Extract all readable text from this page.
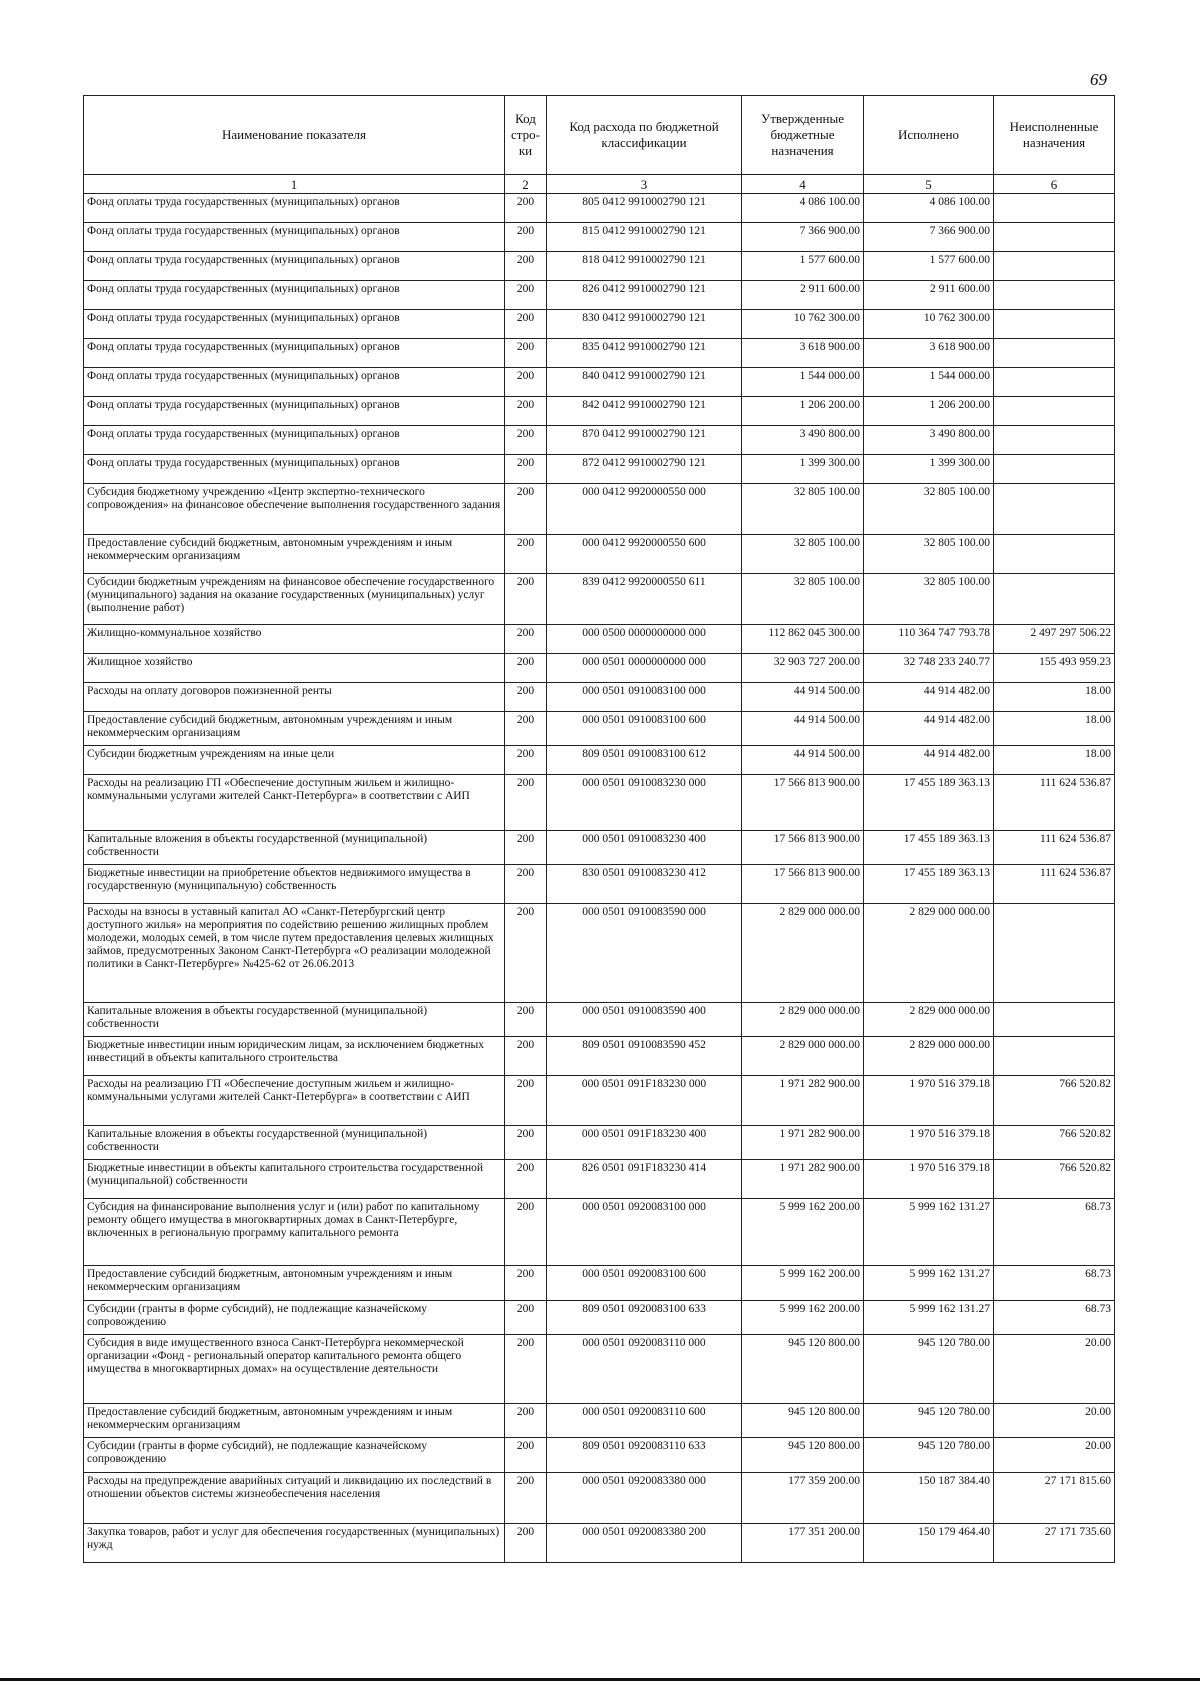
69
Наименование показателя	Код стро-ки	Код расхода по бюджетной классификации	Утвержденные бюджетные назначения	Исполнено	Неисполненные назначения
1	2	3	4	5	6
Фонд оплаты труда государственных (муниципальных) органов	200	805 0412 9910002790 121	4 086 100.00	4 086 100.00	
Фонд оплаты труда государственных (муниципальных) органов	200	815 0412 9910002790 121	7 366 900.00	7 366 900.00	
Фонд оплаты труда государственных (муниципальных) органов	200	818 0412 9910002790 121	1 577 600.00	1 577 600.00	
Фонд оплаты труда государственных (муниципальных) органов	200	826 0412 9910002790 121	2 911 600.00	2 911 600.00	
Фонд оплаты труда государственных (муниципальных) органов	200	830 0412 9910002790 121	10 762 300.00	10 762 300.00	
Фонд оплаты труда государственных (муниципальных) органов	200	835 0412 9910002790 121	3 618 900.00	3 618 900.00	
Фонд оплаты труда государственных (муниципальных) органов	200	840 0412 9910002790 121	1 544 000.00	1 544 000.00	
Фонд оплаты труда государственных (муниципальных) органов	200	842 0412 9910002790 121	1 206 200.00	1 206 200.00	
Фонд оплаты труда государственных (муниципальных) органов	200	870 0412 9910002790 121	3 490 800.00	3 490 800.00	
Фонд оплаты труда государственных (муниципальных) органов	200	872 0412 9910002790 121	1 399 300.00	1 399 300.00	
Субсидия бюджетному учреждению «Центр экспертно-технического сопровождения» на финансовое обеспечение выполнения государственного задания	200	000 0412 9920000550 000	32 805 100.00	32 805 100.00	
Предоставление субсидий бюджетным, автономным учреждениям и иным некоммерческим организациям	200	000 0412 9920000550 600	32 805 100.00	32 805 100.00	
Субсидии бюджетным учреждениям на финансовое обеспечение государственного (муниципального) задания на оказание государственных (муниципальных) услуг (выполнение работ)	200	839 0412 9920000550 611	32 805 100.00	32 805 100.00	
Жилищно-коммунальное хозяйство	200	000 0500 0000000000 000	112 862 045 300.00	110 364 747 793.78	2 497 297 506.22
Жилищное хозяйство	200	000 0501 0000000000 000	32 903 727 200.00	32 748 233 240.77	155 493 959.23
Расходы на оплату договоров пожизненной ренты	200	000 0501 0910083100 000	44 914 500.00	44 914 482.00	18.00
Предоставление субсидий бюджетным, автономным учреждениям и иным некоммерческим организациям	200	000 0501 0910083100 600	44 914 500.00	44 914 482.00	18.00
Субсидии бюджетным учреждениям на иные цели	200	809 0501 0910083100 612	44 914 500.00	44 914 482.00	18.00
Расходы на реализацию ГП «Обеспечение доступным жильем и жилищно-коммунальными услугами жителей Санкт-Петербурга» в соответствии с АИП	200	000 0501 0910083230 000	17 566 813 900.00	17 455 189 363.13	111 624 536.87
Капитальные вложения в объекты государственной (муниципальной) собственности	200	000 0501 0910083230 400	17 566 813 900.00	17 455 189 363.13	111 624 536.87
Бюджетные инвестиции на приобретение объектов недвижимого имущества в государственную (муниципальную) собственность	200	830 0501 0910083230 412	17 566 813 900.00	17 455 189 363.13	111 624 536.87
Расходы на взносы в уставный капитал АО «Санкт-Петербургский центр доступного жилья» на мероприятия по содействию решению жилищных проблем молодежи, молодых семей, в том числе путем предоставления целевых жилищных займов, предусмотренных Законом Санкт-Петербурга «О реализации молодежной политики в Санкт-Петербурге» №425-62 от 26.06.2013	200	000 0501 0910083590 000	2 829 000 000.00	2 829 000 000.00	
Капитальные вложения в объекты государственной (муниципальной) собственности	200	000 0501 0910083590 400	2 829 000 000.00	2 829 000 000.00	
Бюджетные инвестиции иным юридическим лицам, за исключением бюджетных инвестиций в объекты капитального строительства	200	809 0501 0910083590 452	2 829 000 000.00	2 829 000 000.00	
Расходы на реализацию ГП «Обеспечение доступным жильем и жилищно-коммунальными услугами жителей Санкт-Петербурга» в соответствии с АИП	200	000 0501 091F183230 000	1 971 282 900.00	1 970 516 379.18	766 520.82
Капитальные вложения в объекты государственной (муниципальной) собственности	200	000 0501 091F183230 400	1 971 282 900.00	1 970 516 379.18	766 520.82
Бюджетные инвестиции в объекты капитального строительства государственной (муниципальной) собственности	200	826 0501 091F183230 414	1 971 282 900.00	1 970 516 379.18	766 520.82
Субсидия на финансирование выполнения услуг и (или) работ по капитальному ремонту общего имущества в многоквартирных домах в Санкт-Петербурге, включенных в региональную программу капитального ремонта	200	000 0501 0920083100 000	5 999 162 200.00	5 999 162 131.27	68.73
Предоставление субсидий бюджетным, автономным учреждениям и иным некоммерческим организациям	200	000 0501 0920083100 600	5 999 162 200.00	5 999 162 131.27	68.73
Субсидии (гранты в форме субсидий), не подлежащие казначейскому сопровождению	200	809 0501 0920083100 633	5 999 162 200.00	5 999 162 131.27	68.73
Субсидия в виде имущественного взноса Санкт-Петербурга некоммерческой организации «Фонд - региональный оператор капитального ремонта общего имущества в многоквартирных домах» на осуществление деятельности	200	000 0501 0920083110 000	945 120 800.00	945 120 780.00	20.00
Предоставление субсидий бюджетным, автономным учреждениям и иным некоммерческим организациям	200	000 0501 0920083110 600	945 120 800.00	945 120 780.00	20.00
Субсидии (гранты в форме субсидий), не подлежащие казначейскому сопровождению	200	809 0501 0920083110 633	945 120 800.00	945 120 780.00	20.00
Расходы на предупреждение аварийных ситуаций и ликвидацию их последствий в отношении объектов системы жизнеобеспечения населения	200	000 0501 0920083380 000	177 359 200.00	150 187 384.40	27 171 815.60
Закупка товаров, работ и услуг для обеспечения государственных (муниципальных) нужд	200	000 0501 0920083380 200	177 351 200.00	150 179 464.40	27 171 735.60
